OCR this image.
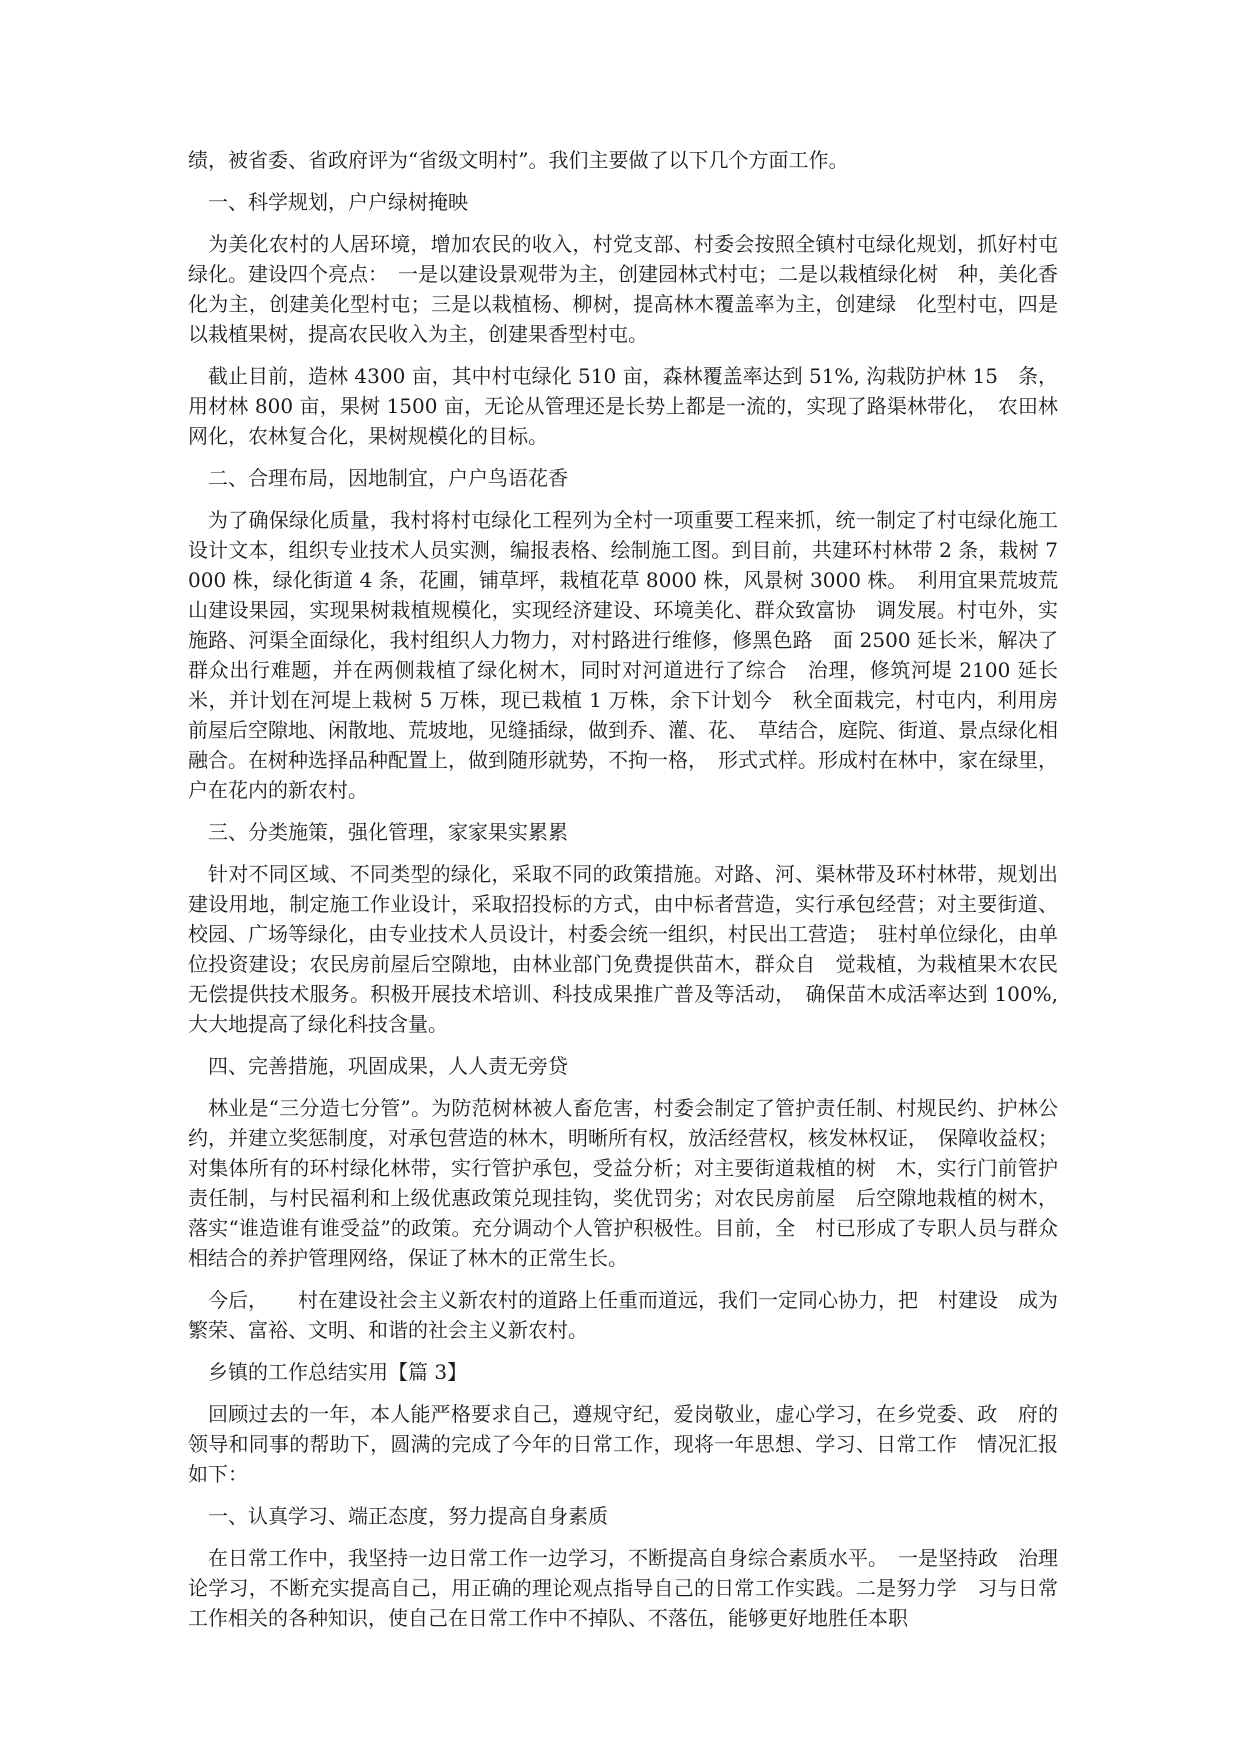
绩，被省委、省政府评为“省级文明村”。我们主要做了以下几个方面工作。

一、科学规划，户户绿树掩映

为美化农村的人居环境，增加农民的收入，村党支部、村委会按照全镇村屯绿化规划，抓好村屯绿化。建设四个亮点：　一是以建设景观带为主，创建园林式村屯；二是以栽植绿化树　种，美化香化为主，创建美化型村屯；三是以栽植杨、柳树，提高林木覆盖率为主，创建绿　化型村屯，四是以栽植果树，提高农民收入为主，创建果香型村屯。

截止目前，造林 4300 亩，其中村屯绿化 510 亩，森林覆盖率达到 51%, 沟栽防护林 15　条，用材林 800 亩，果树 1500 亩，无论从管理还是长势上都是一流的，实现了路渠林带化，　农田林网化，农林复合化，果树规模化的目标。

二、合理布局，因地制宜，户户鸟语花香

为了确保绿化质量，我村将村屯绿化工程列为全村一项重要工程来抓，统一制定了村屯绿化施工设计文本，组织专业技术人员实测，编报表格、绘制施工图。到目前，共建环村林带 2 条，栽树 7000 株，绿化街道 4 条，花圃，铺草坪，栽植花草 8000 株，风景树 3000 株。　利用宜果荒坡荒山建设果园，实现果树栽植规模化，实现经济建设、环境美化、群众致富协　调发展。村屯外，实施路、河渠全面绿化，我村组织人力物力，对村路进行维修，修黑色路　面 2500 延长米，解决了群众出行难题，并在两侧栽植了绿化树木，同时对河道进行了综合　治理，修筑河堤 2100 延长米，并计划在河堤上栽树 5 万株，现已栽植 1 万株，余下计划今　秋全面栽完，村屯内，利用房前屋后空隙地、闲散地、荒坡地，见缝插绿，做到乔、灌、花、　草结合，庭院、街道、景点绿化相融合。在树种选择品种配置上，做到随形就势，不拘一格，　形式式样。形成村在林中，家在绿里，户在花内的新农村。

三、分类施策，强化管理，家家果实累累

针对不同区域、不同类型的绿化，采取不同的政策措施。对路、河、渠林带及环村林带，规划出建设用地，制定施工作业设计，采取招投标的方式，由中标者营造，实行承包经营；对主要街道、校园、广场等绿化，由专业技术人员设计，村委会统一组织，村民出工营造；　驻村单位绿化，由单位投资建设；农民房前屋后空隙地，由林业部门免费提供苗木，群众自　觉栽植，为栽植果木农民无偿提供技术服务。积极开展技术培训、科技成果推广普及等活动，　确保苗木成活率达到 100%, 大大地提高了绿化科技含量。

四、完善措施，巩固成果，人人责无旁贷

林业是“三分造七分管”。为防范树林被人畜危害，村委会制定了管护责任制、村规民约、护林公约，并建立奖惩制度，对承包营造的林木，明晰所有权，放活经营权，核发林权证，　保障收益权；对集体所有的环村绿化林带，实行管护承包，受益分析；对主要街道栽植的树　木，实行门前管护责任制，与村民福利和上级优惠政策兑现挂钩，奖优罚劣；对农民房前屋　后空隙地栽植的树木，落实“谁造谁有谁受益”的政策。充分调动个人管护积极性。目前，全　村已形成了专职人员与群众相结合的养护管理网络，保证了林木的正常生长。

今后，　　村在建设社会主义新农村的道路上任重而道远，我们一定同心协力，把　村建设　成为繁荣、富裕、文明、和谐的社会主义新农村。

乡镇的工作总结实用【篇 3】

回顾过去的一年，本人能严格要求自己，遵规守纪，爱岗敬业，虚心学习，在乡党委、政　府的领导和同事的帮助下，圆满的完成了今年的日常工作，现将一年思想、学习、日常工作　情况汇报如下：

一、认真学习、端正态度，努力提高自身素质

在日常工作中，我坚持一边日常工作一边学习，不断提高自身综合素质水平。　一是坚持政　治理论学习，不断充实提高自己，用正确的理论观点指导自己的日常工作实践。二是努力学　习与日常工作相关的各种知识，使自己在日常工作中不掉队、不落伍，能够更好地胜任本职
